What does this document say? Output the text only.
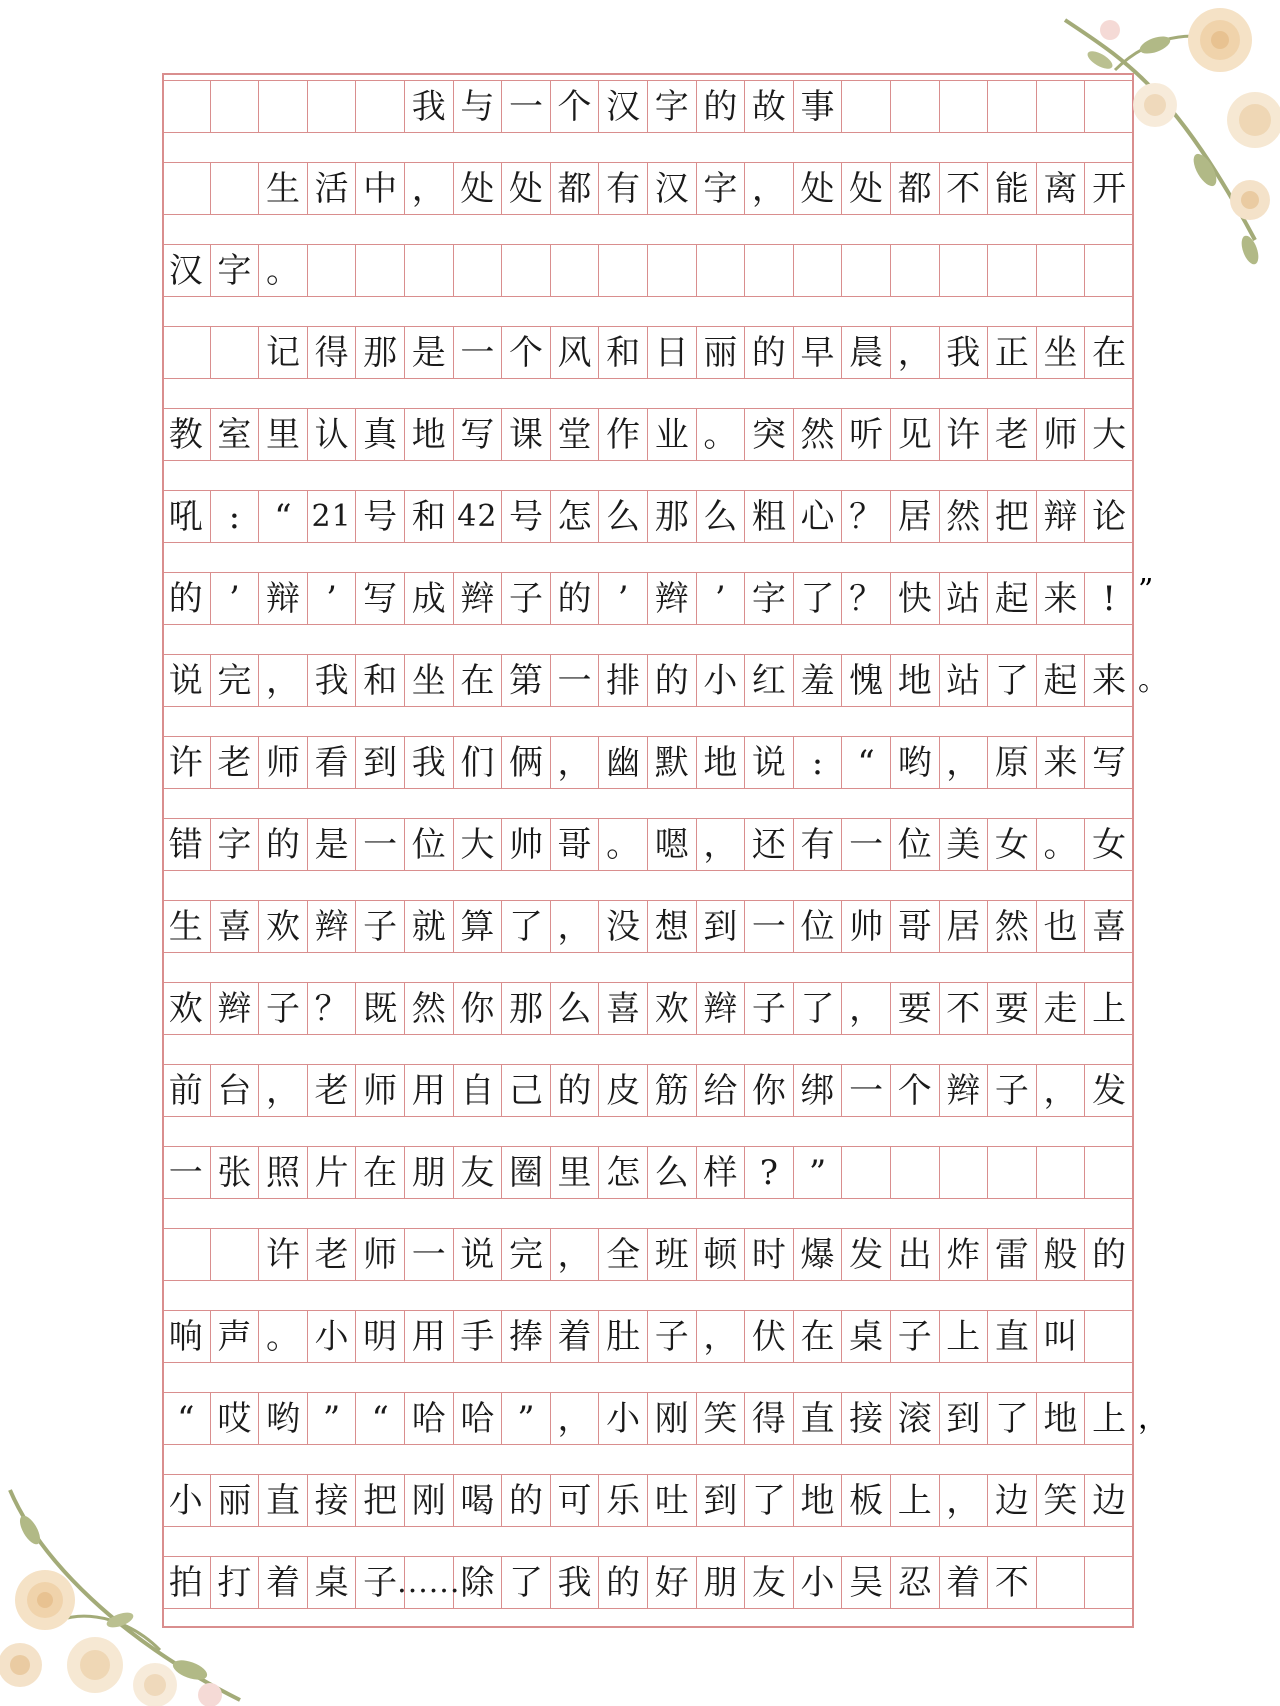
我 与 一 个 汉 字 的 故 事
生 活 中 ， 处 处 都 有 汉 字 ， 处 处 都 不 能 离 开
汉 字 。
记 得 那 是 一 个 风 和 日 丽 的 早 晨 ， 我 正 坐 在
教 室 里 认 真 地 写 课 堂 作 业 。 突 然 听 见 许 老 师 大
吼 : “ 21 号 和 42 号 怎 么 那 么 粗 心 ？ 居 然 把 辩 论
的 ’ 辩 ’ 写 成 辫 子 的 ’ 辫 ’ 字 了 ？ 快 站 起 来 ”
!
说 完 ， 我 和 坐 在 第 一 排 的 小 红 羞 愧 地 站 了 起 。
来
许 老 师 看 到 我 们 俩 ， 幽 默 地 说 : “ 哟 ， 原 来 写
错 字 的 是 一 位 大 帅 哥 。 嗯 ， 还 有 一 位 美 女 。 女
生 喜 欢 辫 子 就 算 了 ， 没 想 到 一 位 帅 哥 居 然 也 喜
欢 辫 子 ？ 既 然 你 那 么 喜 欢 辫 子 了 ， 要 不 要 走 上
前 台 ， 老 师 用 自 己 的 皮 筋 给 你 绑 一 个 辫 子 ， 发
一 张 照 片 在 朋 友 圈 里 怎 么 样 ? ”
许 老 师 一 说 完 ， 全 班 顿 时 爆 发 出 炸 雷 般 的
响 声 。 小 明 用 手 捧 着 肚 子 ， 伏 在 桌 子 上 直 叫
“ 哎 哟 ” “ 哈 哈 ” ， 小 刚 笑 得 直 接 滚 到 了 地 ，
上
小 丽 直 接 把 刚 喝 的 可 乐 吐 到 了 地 板 上 ， 边 笑 边
拍 打 着 桌 子 ...... 除 了 我 的 好 朋 友 小 吴 忍 着 不
